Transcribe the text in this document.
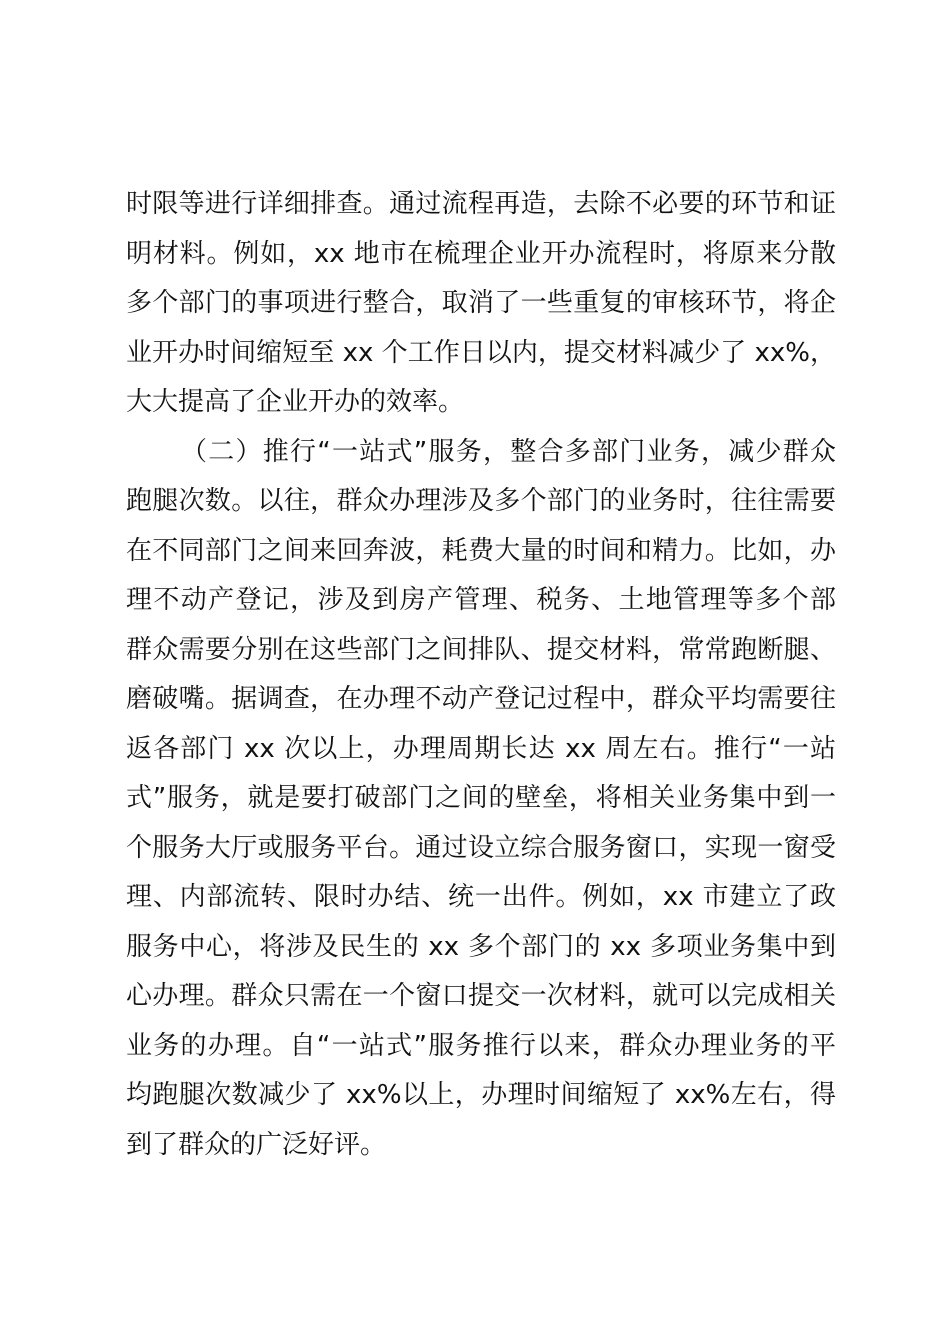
时限等进行详细排查。通过流程再造，去除不必要的环节和证
明材料。例如，xx 地市在梳理企业开办流程时，将原来分散
多个部门的事项进行整合，取消了一些重复的审核环节，将企
业开办时间缩短至 xx 个工作日以内，提交材料减少了 xx%，
大大提高了企业开办的效率。
（二）推行“一站式”服务，整合多部门业务，减少群众
跑腿次数。以往，群众办理涉及多个部门的业务时，往往需要
在不同部门之间来回奔波，耗费大量的时间和精力。比如，办
理不动产登记，涉及到房产管理、税务、土地管理等多个部
群众需要分别在这些部门之间排队、提交材料，常常跑断腿、
磨破嘴。据调查，在办理不动产登记过程中，群众平均需要往
返各部门 xx 次以上，办理周期长达 xx 周左右。推行“一站
式”服务，就是要打破部门之间的壁垒，将相关业务集中到一
个服务大厅或服务平台。通过设立综合服务窗口，实现一窗受
理、内部流转、限时办结、统一出件。例如，xx 市建立了政
服务中心，将涉及民生的 xx 多个部门的 xx 多项业务集中到
心办理。群众只需在一个窗口提交一次材料，就可以完成相关
业务的办理。自“一站式”服务推行以来，群众办理业务的平
均跑腿次数减少了 xx%以上，办理时间缩短了 xx%左右，得
到了群众的广泛好评。
